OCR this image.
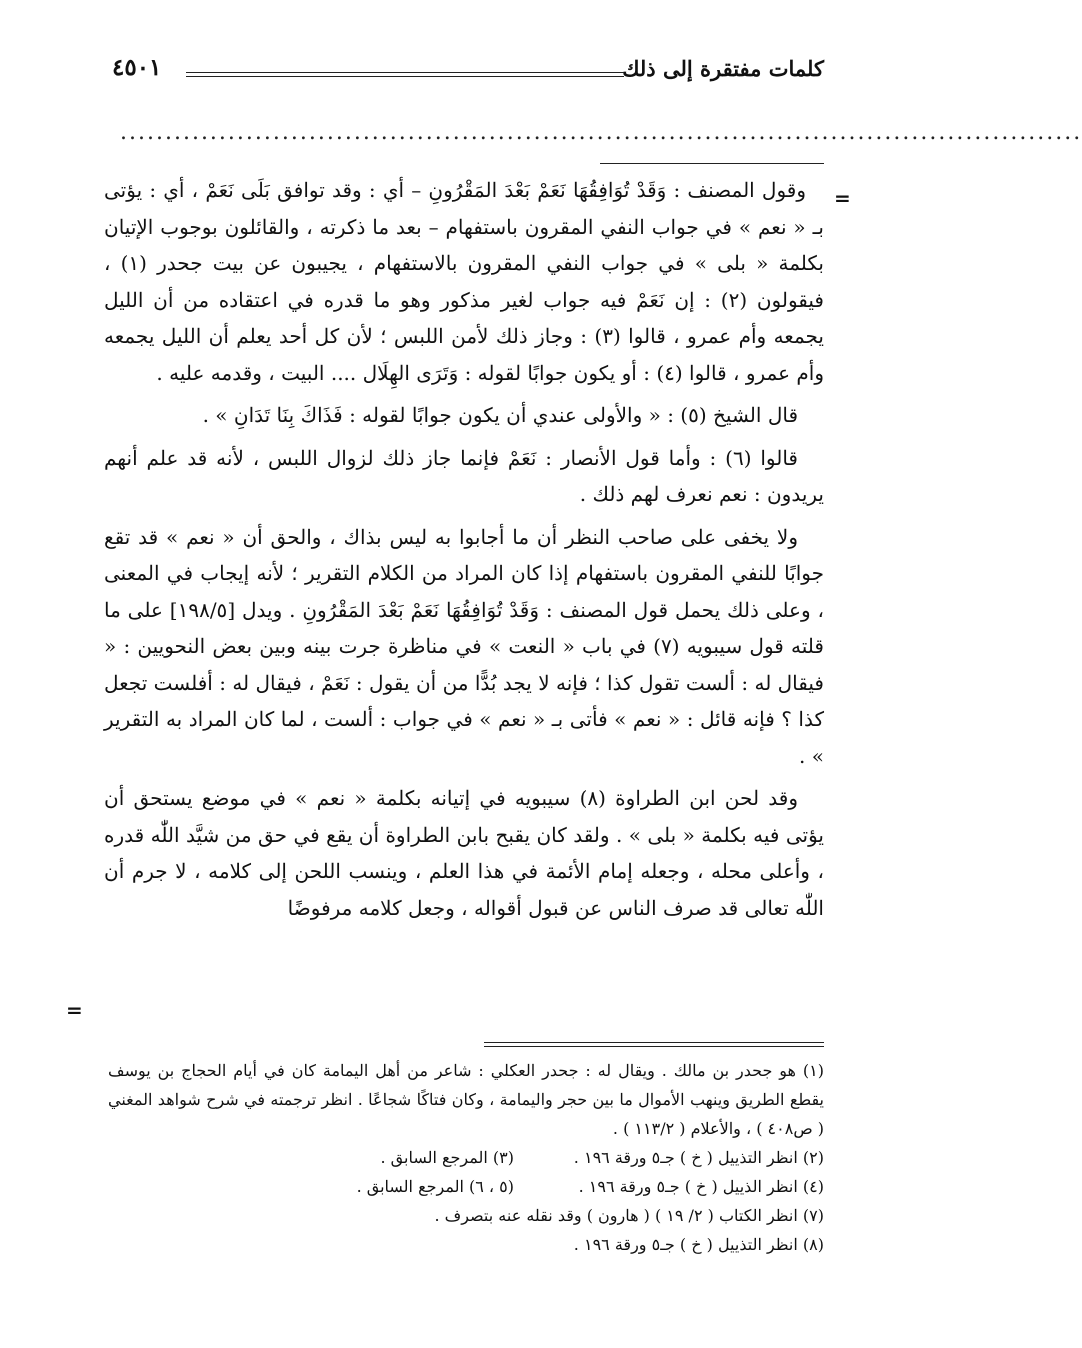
كلمات مفتقرة إلى ذلك
٤٥٠١
...........................................................................................................
=
=

وقول المصنف : وَقَدْ تُوَافِقُهَا نَعَمْ بَعْدَ المَقْرُونِ – أي : وقد توافق بَلَى نَعَمْ ، أي : يؤتى بـ « نعم » في جواب النفي المقرون باستفهام – بعد ما ذكرته ، والقائلون بوجوب الإتيان بكلمة « بلى » في جواب النفي المقرون بالاستفهام ، يجيبون عن بيت جحدر (١) ، فيقولون (٢) : إن نَعَمْ فيه جواب لغير مذكور وهو ما قدره في اعتقاده من أن الليل يجمعه وأم عمرو ، قالوا (٣) : وجاز ذلك لأمن اللبس ؛ لأن كل أحد يعلم أن الليل يجمعه وأم عمرو ، قالوا (٤) : أو يكون جوابًا لقوله : وَتَرَى الهِلَال .... البيت ، وقدمه عليه .

قال الشيخ (٥) : « والأولى عندي أن يكون جوابًا لقوله : فَذَاكَ بِنَا تَدَانِ » .

قالوا (٦) : وأما قول الأنصار : نَعَمْ فإنما جاز ذلك لزوال اللبس ، لأنه قد علم أنهم يريدون : نعم نعرف لهم ذلك .

ولا يخفى على صاحب النظر أن ما أجابوا به ليس بذاك ، والحق أن « نعم » قد تقع جوابًا للنفي المقرون باستفهام إذا كان المراد من الكلام التقرير ؛ لأنه إيجاب في المعنى ، وعلى ذلك يحمل قول المصنف : وَقَدْ تُوَافِقُهَا نَعَمْ بَعْدَ المَقْرُونِ . ويدل [١٩٨/٥] على ما قلته قول سيبويه (٧) في باب « النعت » في مناظرة جرت بينه وبين بعض النحويين : « فيقال له : ألست تقول كذا ؛ فإنه لا يجد بُدًّا من أن يقول : نَعَمْ ، فيقال له : أفلست تجعل كذا ؟ فإنه قائل : « نعم » فأتى بـ « نعم » في جواب : ألست ، لما كان المراد به التقرير » .

وقد لحن ابن الطراوة (٨) سيبويه في إتيانه بكلمة « نعم » في موضع يستحق أن يؤتى فيه بكلمة « بلى » . ولقد كان يقبح بابن الطراوة أن يقع في حق من شيَّد اللّٰه قدره ، وأعلى محله ، وجعله إمام الأئمة في هذا العلم ، وينسب اللحن إلى كلامه ، لا جرم أن اللّٰه تعالى قد صرف الناس عن قبول أقواله ، وجعل كلامه مرفوضًا

(١) هو جحدر بن مالك . ويقال له : جحدر العكلي : شاعر من أهل اليمامة كان في أيام الحجاج بن يوسف يقطع الطريق وينهب الأموال ما بين حجر واليمامة ، وكان فتاكًا شجاعًا . انظر ترجمته في شرح شواهد المغني ( ص٤٠٨ ) ، والأعلام ( ١١٣/٢ ) .

(٢) انظر التذييل ( خ ) جـ٥ ورقة ١٩٦ .
(٣) المرجع السابق .
(٤) انظر الذييل ( خ ) جـ٥ ورقة ١٩٦ .
(٥ ، ٦) المرجع السابق .

(٧) انظر الكتاب ( ٢/ ١٩ ) ( هارون ) وقد نقله عنه بتصرف .

(٨) انظر التذييل ( خ ) جـ٥ ورقة ١٩٦ .
